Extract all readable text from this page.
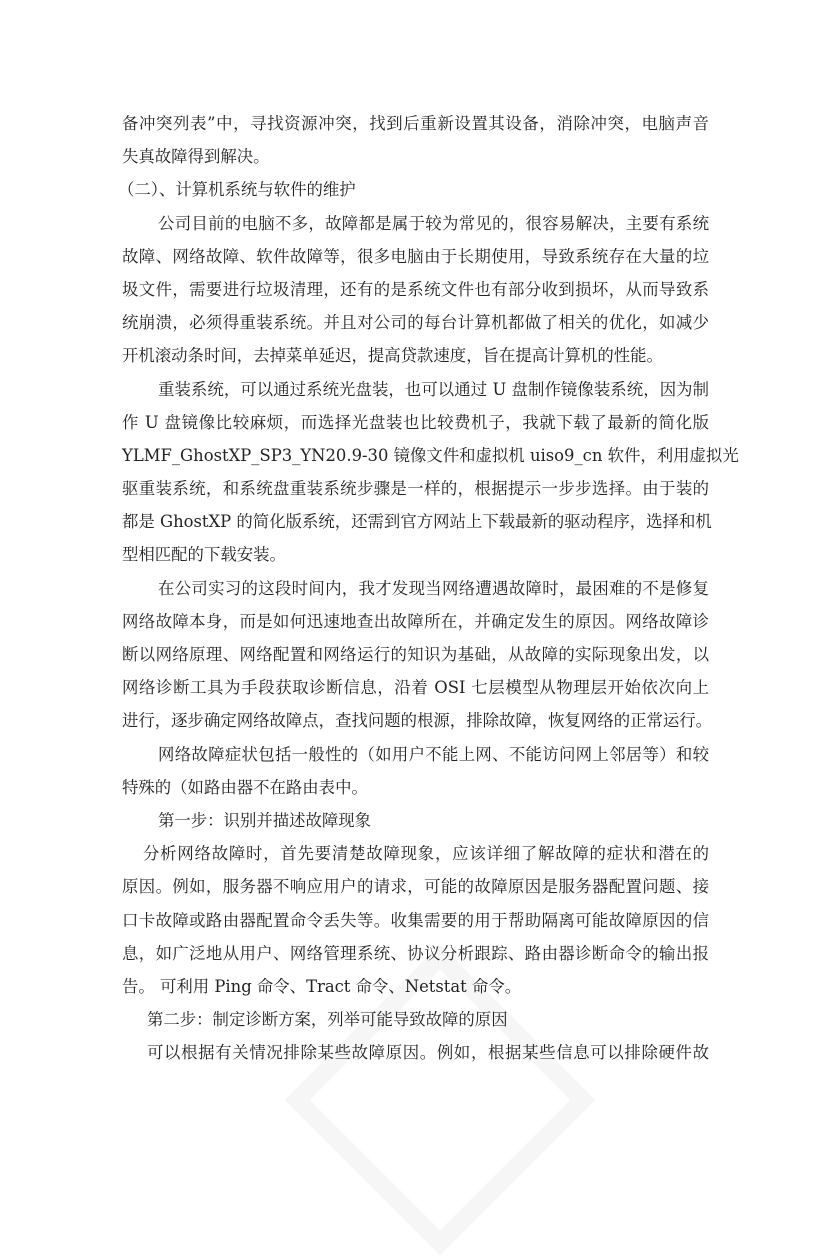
备冲突列表”中，寻找资源冲突，找到后重新设置其设备，消除冲突，电脑声音
失真故障得到解决。
（二）、计算机系统与软件的维护
公司目前的电脑不多，故障都是属于较为常见的，很容易解决，主要有系统
故障、网络故障、软件故障等，很多电脑由于长期使用，导致系统存在大量的垃
圾文件，需要进行垃圾清理，还有的是系统文件也有部分收到损坏，从而导致系
统崩溃，必须得重装系统。并且对公司的每台计算机都做了相关的优化，如减少
开机滚动条时间，去掉菜单延迟，提高贷款速度，旨在提高计算机的性能。
重装系统，可以通过系统光盘装，也可以通过 U 盘制作镜像装系统，因为制
作 U 盘镜像比较麻烦，而选择光盘装也比较费机子，我就下载了最新的简化版
YLMF_GhostXP_SP3_YN20.9-30 镜像文件和虚拟机 uiso9_cn 软件，利用虚拟光
驱重装系统，和系统盘重装系统步骤是一样的，根据提示一步步选择。由于装的
都是 GhostXP 的简化版系统，还需到官方网站上下载最新的驱动程序，选择和机
型相匹配的下载安装。
在公司实习的这段时间内，我才发现当网络遭遇故障时，最困难的不是修复
网络故障本身，而是如何迅速地查出故障所在，并确定发生的原因。网络故障诊
断以网络原理、网络配置和网络运行的知识为基础，从故障的实际现象出发，以
网络诊断工具为手段获取诊断信息，沿着 OSI 七层模型从物理层开始依次向上
进行，逐步确定网络故障点，查找问题的根源，排除故障，恢复网络的正常运行。
网络故障症状包括一般性的（如用户不能上网、不能访问网上邻居等）和较
特殊的（如路由器不在路由表中。
第一步：识别并描述故障现象
分析网络故障时，首先要清楚故障现象，应该详细了解故障的症状和潜在的
原因。例如，服务器不响应用户的请求，可能的故障原因是服务器配置问题、接
口卡故障或路由器配置命令丢失等。收集需要的用于帮助隔离可能故障原因的信
息，如广泛地从用户、网络管理系统、协议分析跟踪、路由器诊断命令的输出报
告。 可利用 Ping 命令、Tract 命令、Netstat 命令。
第二步：制定诊断方案，列举可能导致故障的原因
可以根据有关情况排除某些故障原因。例如，根据某些信息可以排除硬件故
